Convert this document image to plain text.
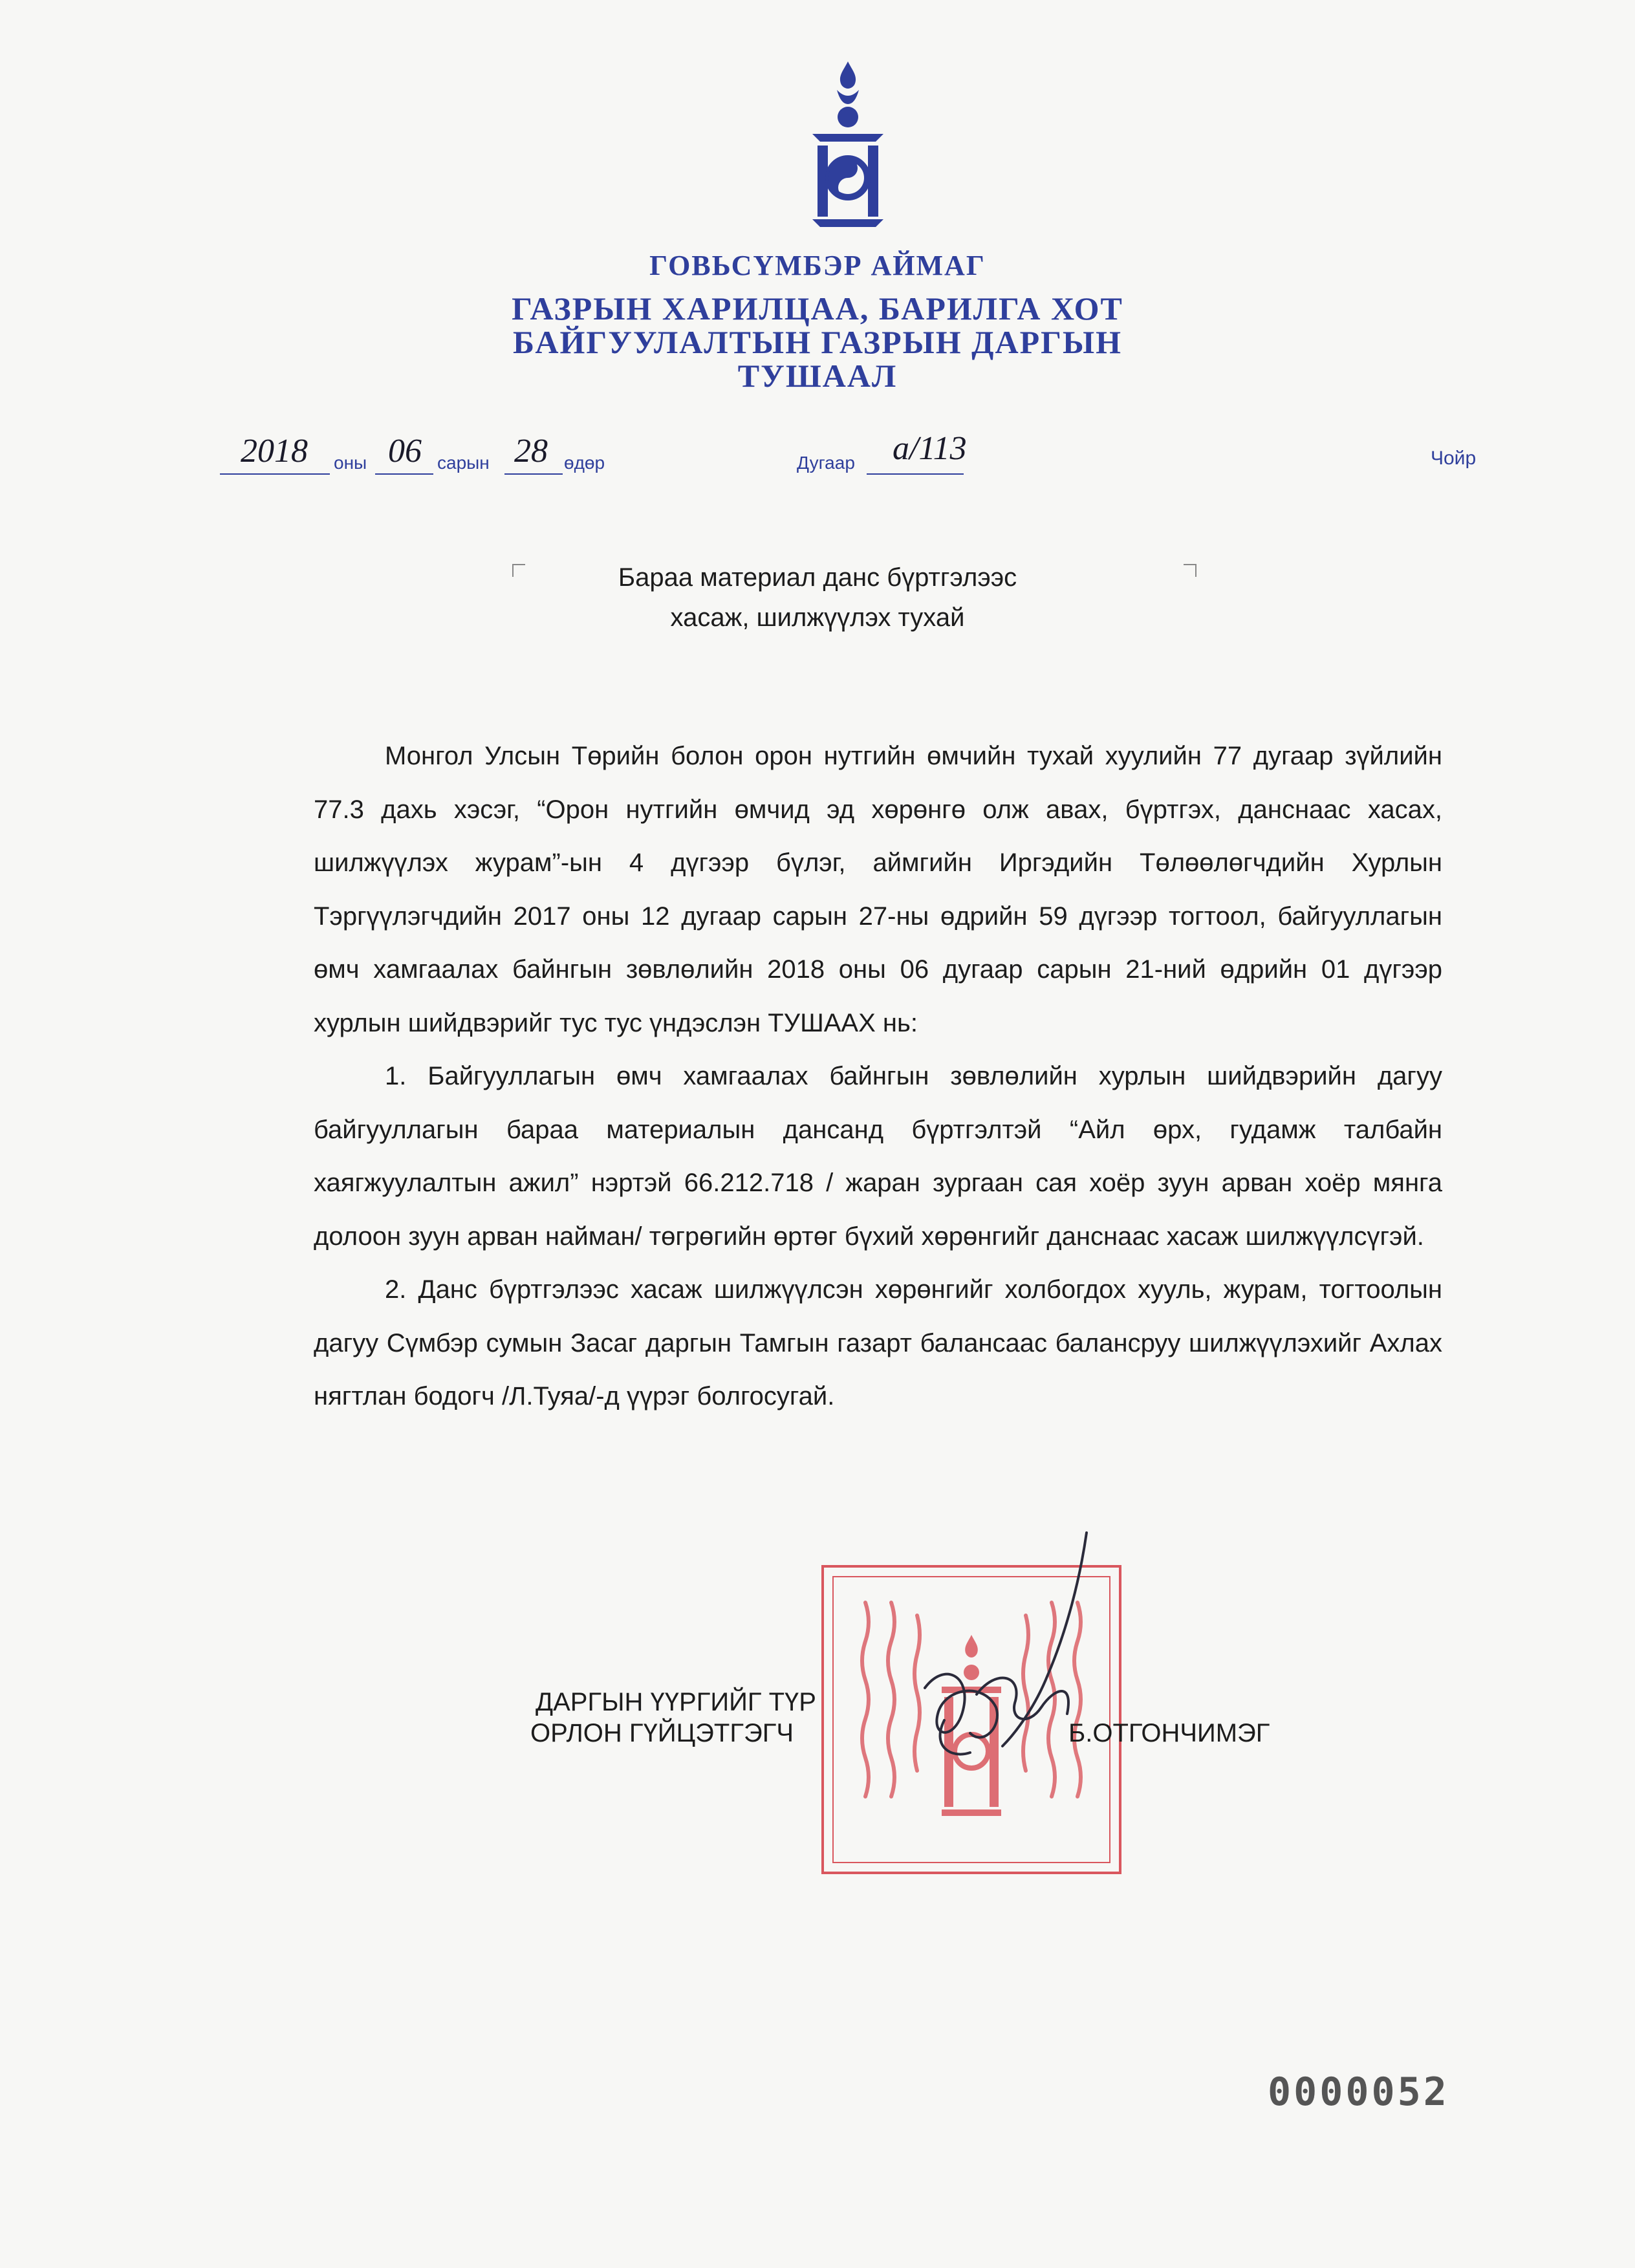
ГОВЬСҮМБЭР АЙМАГ
ГАЗРЫН ХАРИЛЦАА, БАРИЛГА ХОТ
БАЙГУУЛАЛТЫН ГАЗРЫН ДАРГЫН
ТУШААЛ
2018 оны 06 сарын 28 өдөр	Дугаар а/113	Чойр
Бараа материал данс бүртгэлээс
хасаж, шилжүүлэх тухай

Монгол Улсын Төрийн болон орон нутгийн өмчийн тухай хуулийн 77 дугаар зүйлийн 77.3 дахь хэсэг, “Орон нутгийн өмчид эд хөрөнгө олж авах, бүртгэх, данснаас хасах, шилжүүлэх журам”-ын 4 дүгээр бүлэг, аймгийн Иргэдийн Төлөөлөгчдийн Хурлын Тэргүүлэгчдийн 2017 оны 12 дугаар сарын 27-ны өдрийн 59 дүгээр тогтоол, байгууллагын өмч хамгаалах байнгын зөвлөлийн 2018 оны 06 дугаар сарын 21-ний өдрийн 01 дүгээр хурлын шийдвэрийг тус тус үндэслэн ТУШААХ нь:

1. Байгууллагын өмч хамгаалах байнгын зөвлөлийн хурлын шийдвэрийн дагуу байгууллагын бараа материалын дансанд бүртгэлтэй “Айл өрх, гудамж талбайн хаягжуулалтын ажил” нэртэй 66.212.718 / жаран зургаан сая хоёр зуун арван хоёр мянга долоон зуун арван найман/ төгрөгийн өртөг бүхий хөрөнгийг данснаас хасаж шилжүүлсүгэй.

2. Данс бүртгэлээс хасаж шилжүүлсэн хөрөнгийг холбогдох хууль, журам, тогтоолын дагуу Сүмбэр сумын Засаг даргын Тамгын газарт балансаас балансруу шилжүүлэхийг Ахлах нягтлан бодогч /Л.Туяа/-д үүрэг болгосугай.

ДАРГЫН ҮҮРГИЙГ ТҮР
ОРЛОН ГҮЙЦЭТГЭГЧ	Б.ОТГОНЧИМЭГ
0000052
